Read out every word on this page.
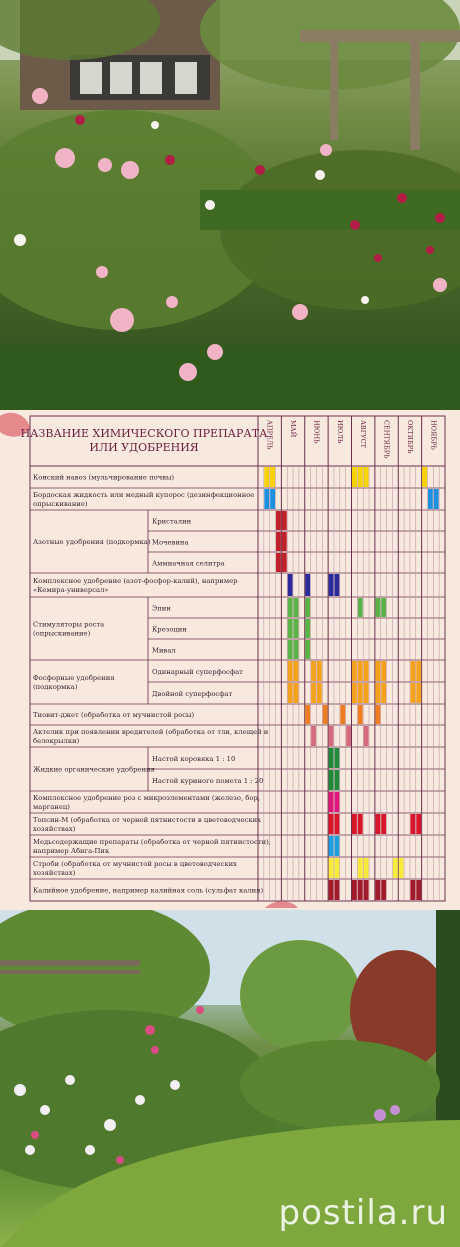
НАЗВАНИЕ ХИМИЧЕСКОГО ПРЕПАРАТА
ИЛИ УДОБРЕНИЯ	АПРЕЛЬ МАЙ ИЮНЬ ИЮЛЬ АВГУСТ СЕНТЯБРЬ ОКТЯБРЬ НОЯБРЬ
Кристалин
Мочевина
Аммиачная селитра
Эпин
Крезоцин
Мивал
Одинарный суперфосфат
Двойной суперфосфат
Настой коровяка 1 : 10
Настой куриного помета 1 : 20
Конский навоз (мульчирование почвы)
Бордоская жидкость или медный купорос (дезинфекционное
опрыскивание)
Азотные удобрения (подкормка)
Комплексное удобрение (азот-фосфор-калий), например
«Кемира-универсал»
Стимуляторы роста
(опрыскивание)
Фосфорные удобрения
(подкормка)
Тиовит-джет (обработка от мучнистой росы)
Актелик при появлении вредителей (обработка от тли, клещей и
белокрылки)
Жидкие органические удобрения
Комплексное удобрение роз с микроэлементами (железо, бор,
марганец)
Топсин-М (обработка от черной пятнистости в цветоводческих
хозяйствах)
Медьсодержащие препараты (обработка от черной пятнистости),
например Абига-Пик
Строби (обработка от мучнистой росы в цветоводческих
хозяйствах)
Калийное удобрение, например калийная соль (сульфат калия)
postila.ru
